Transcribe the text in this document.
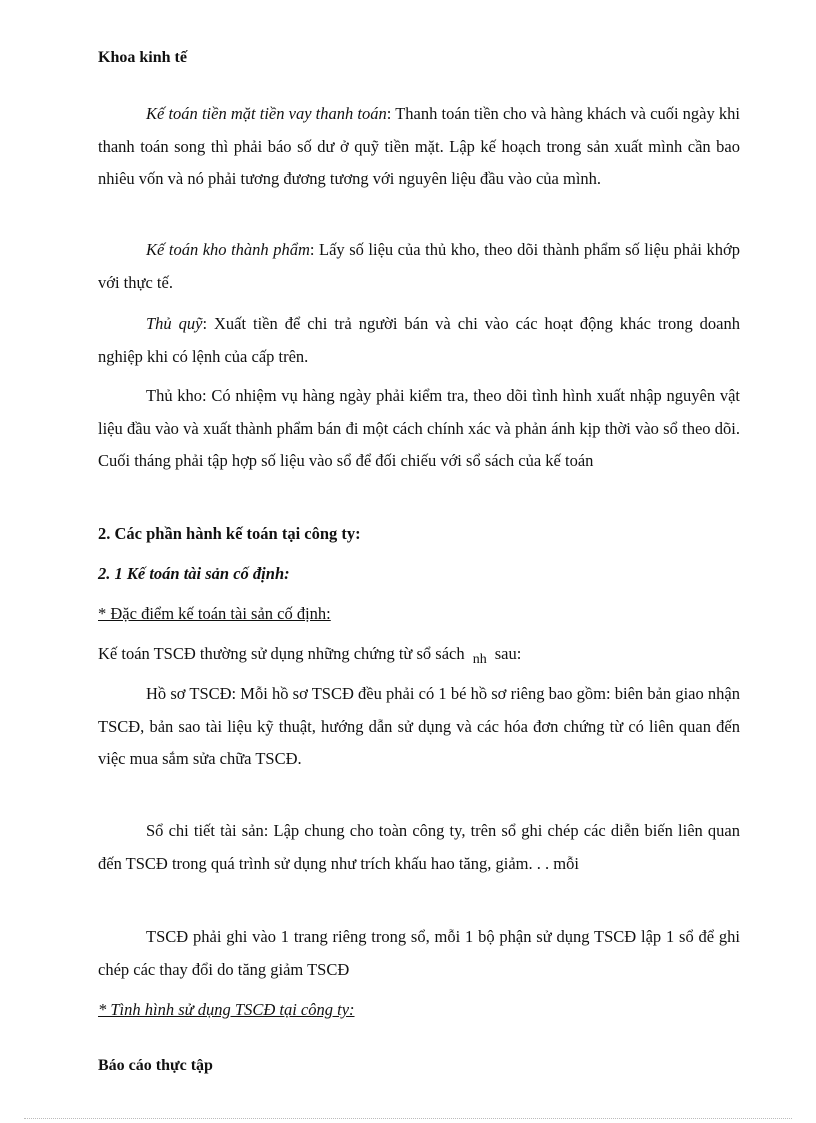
Khoa kinh tế
Kế toán tiền mặt tiền vay thanh toán: Thanh toán tiền cho và hàng khách và cuối ngày khi thanh toán song thì phải báo số dư ở quỹ tiền mặt. Lập kế hoạch trong sản xuất mình cần bao nhiêu vốn và nó phải tương đương tương với nguyên liệu đầu vào của mình.
Kế toán kho thành phẩm: Lấy số liệu của thủ kho, theo dõi thành phẩm số liệu phải khớp với thực tế.
Thủ quỹ: Xuất tiền để chi trả người bán và chi vào các hoạt động khác trong doanh nghiệp khi có lệnh của cấp trên.
Thủ kho: Có nhiệm vụ hàng ngày phải kiểm tra, theo dõi tình hình xuất nhập nguyên vật liệu đầu vào và xuất thành phẩm bán đi một cách chính xác và phản ánh kịp thời vào sổ theo dõi. Cuối tháng phải tập hợp số liệu vào sổ để đối chiếu với sổ sách của kế toán
2. Các phần hành kế toán tại công ty:
2. 1 Kế toán tài sản cố định:
* Đặc điểm kế toán tài sản cố định:
Kế toán TSCĐ thường sử dụng những chứng từ sổ sách $_{nh}$ sau:
Hồ sơ TSCĐ: Mỗi hồ sơ TSCĐ đều phải có 1 bé hồ sơ riêng bao gồm: biên bản giao nhận TSCĐ, bản sao tài liệu kỹ thuật, hướng dẫn sử dụng và các hóa đơn chứng từ có liên quan đến việc mua sắm sửa chữa TSCĐ.
Sổ chi tiết tài sản: Lập chung cho toàn công ty, trên sổ ghi chép các diễn biến liên quan đến TSCĐ trong quá trình sử dụng như trích khấu hao tăng, giảm. . . mỗi
TSCĐ phải ghi vào 1 trang riêng trong sổ, mỗi 1 bộ phận sử dụng TSCĐ lập 1 sổ để ghi chép các thay đổi do tăng giảm TSCĐ
* Tình hình sử dụng TSCĐ tại công ty:
Báo cáo thực tập
